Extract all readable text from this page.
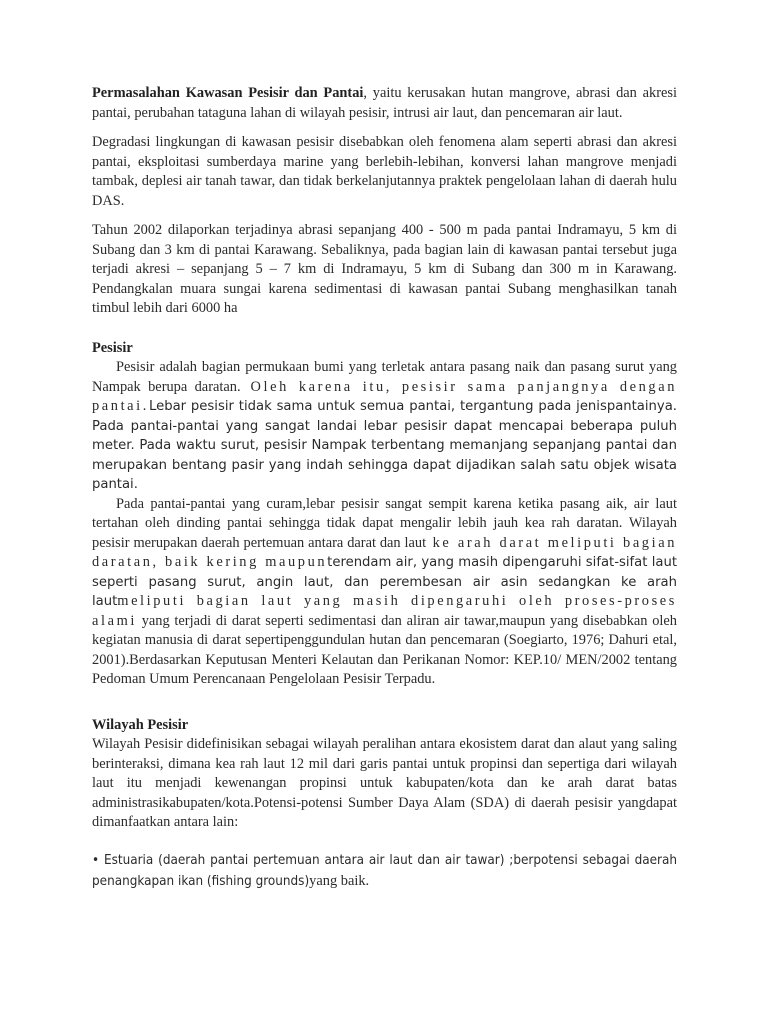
Permasalahan Kawasan Pesisir dan Pantai, yaitu kerusakan hutan mangrove, abrasi dan akresi pantai, perubahan tataguna lahan di wilayah pesisir, intrusi air laut, dan pencemaran air laut.

Degradasi lingkungan di kawasan pesisir disebabkan oleh fenomena alam seperti abrasi dan akresi pantai, eksploitasi sumberdaya marine yang berlebih-lebihan, konversi lahan mangrove menjadi tambak, deplesi air tanah tawar, dan tidak berkelanjutannya praktek pengelolaan lahan di daerah hulu DAS.

Tahun 2002 dilaporkan terjadinya abrasi sepanjang 400 - 500 m pada pantai Indramayu, 5 km di Subang dan 3 km di pantai Karawang. Sebaliknya, pada bagian lain di kawasan pantai tersebut juga terjadi akresi – sepanjang 5 – 7 km di Indramayu, 5 km di Subang dan 300 m in Karawang. Pendangkalan muara sungai karena sedimentasi di kawasan pantai Subang menghasilkan tanah timbul lebih dari 6000 ha

Pesisir

Pesisir adalah bagian permukaan bumi yang terletak antara pasang naik dan pasang surut yang Nampak berupa daratan. Oleh karena itu, pesisir sama panjangnya dengan pantai.Lebar pesisir tidak sama untuk semua pantai, tergantung pada jenispantainya. Pada pantai-pantai yang sangat landai lebar pesisir dapat mencapai beberapa puluh meter. Pada waktu surut, pesisir Nampak terbentang memanjang sepanjang pantai dan merupakan bentang pasir yang indah sehingga dapat dijadikan salah satu objek wisata pantai.

Pada pantai-pantai yang curam,lebar pesisir sangat sempit karena ketika pasang aik, air laut tertahan oleh dinding pantai sehingga tidak dapat mengalir lebih jauh kea rah daratan. Wilayah pesisir merupakan daerah pertemuan antara darat dan laut ke arah darat meliputi bagian daratan, baik kering maupunterendam air, yang masih dipengaruhi sifat-sifat laut seperti pasang surut, angin laut, dan perembesan air asin sedangkan ke arah lautmeliputi bagian laut yang masih dipengaruhi oleh proses-proses alami yang terjadi di darat seperti sedimentasi dan aliran air tawar,maupun yang disebabkan oleh kegiatan manusia di darat sepertipenggundulan hutan dan pencemaran (Soegiarto, 1976; Dahuri etal, 2001).Berdasarkan Keputusan Menteri Kelautan dan Perikanan Nomor: KEP.10/ MEN/2002 tentang Pedoman Umum Perencanaan Pengelolaan Pesisir Terpadu.

Wilayah Pesisir

Wilayah Pesisir didefinisikan sebagai wilayah peralihan antara ekosistem darat dan alaut yang saling berinteraksi, dimana kea rah laut 12 mil dari garis pantai untuk propinsi dan sepertiga dari wilayah laut itu menjadi kewenangan propinsi untuk kabupaten/kota dan ke arah darat batas administrasikabupaten/kota.Potensi-potensi Sumber Daya Alam (SDA) di daerah pesisir yangdapat dimanfaatkan antara lain:

• Estuaria (daerah pantai pertemuan antara air laut dan air tawar) ;berpotensi sebagai daerah penangkapan ikan (fishing grounds)yang baik.
